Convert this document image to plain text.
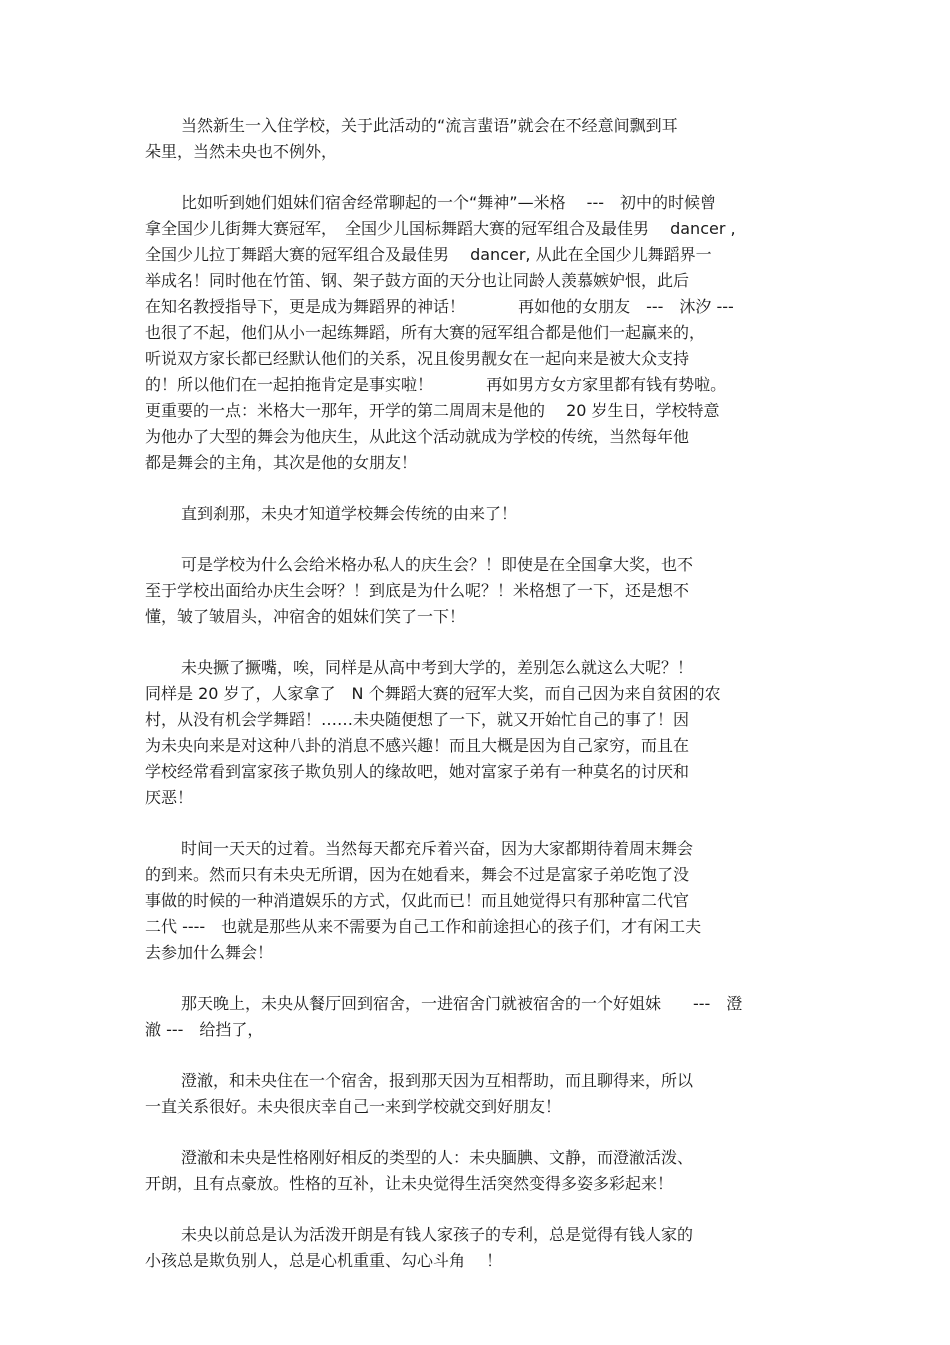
当然新生一入住学校，关于此活动的“流言蜚语”就会在不经意间飘到耳
朵里，当然未央也不例外，
比如听到她们姐妹们宿舍经常聊起的一个“舞神”—米格　 ---　初中的时候曾
拿全国少儿街舞大赛冠军，　全国少儿国标舞蹈大赛的冠军组合及最佳男　 dancer ,
全国少儿拉丁舞蹈大赛的冠军组合及最佳男　 dancer, 从此在全国少儿舞蹈界一
举成名！同时他在竹笛、钢、架子鼓方面的天分也让同龄人羡慕嫉妒恨，此后
在知名教授指导下，更是成为舞蹈界的神话！　　　 再如他的女朋友　---　沐汐 ---
也很了不起，他们从小一起练舞蹈，所有大赛的冠军组合都是他们一起赢来的，
听说双方家长都已经默认他们的关系，况且俊男靓女在一起向来是被大众支持
的！所以他们在一起拍拖肯定是事实啦！　　　 再如男方女方家里都有钱有势啦。
更重要的一点：米格大一那年，开学的第二周周末是他的　 20 岁生日，学校特意
为他办了大型的舞会为他庆生，从此这个活动就成为学校的传统，当然每年他
都是舞会的主角，其次是他的女朋友！
直到刹那，未央才知道学校舞会传统的由来了！
可是学校为什么会给米格办私人的庆生会？！即使是在全国拿大奖，也不
至于学校出面给办庆生会呀？！到底是为什么呢？！米格想了一下，还是想不
懂，皱了皱眉头，冲宿舍的姐妹们笑了一下！
未央撅了撅嘴，唉，同样是从高中考到大学的，差别怎么就这么大呢？！
同样是 20 岁了，人家拿了　N 个舞蹈大赛的冠军大奖，而自己因为来自贫困的农
村，从没有机会学舞蹈！……未央随便想了一下，就又开始忙自己的事了！因
为未央向来是对这种八卦的消息不感兴趣！而且大概是因为自己家穷，而且在
学校经常看到富家孩子欺负别人的缘故吧，她对富家子弟有一种莫名的讨厌和
厌恶！
时间一天天的过着。当然每天都充斥着兴奋，因为大家都期待着周末舞会
的到来。然而只有未央无所谓，因为在她看来，舞会不过是富家子弟吃饱了没
事做的时候的一种消遣娱乐的方式，仅此而已！而且她觉得只有那种富二代官
二代 ----　也就是那些从来不需要为自己工作和前途担心的孩子们，才有闲工夫
去参加什么舞会！
那天晚上，未央从餐厅回到宿舍，一进宿舍门就被宿舍的一个好姐妹　　---　澄
澈 ---　给挡了，
澄澈，和未央住在一个宿舍，报到那天因为互相帮助，而且聊得来，所以
一直关系很好。未央很庆幸自己一来到学校就交到好朋友！
澄澈和未央是性格刚好相反的类型的人：未央腼腆、文静，而澄澈活泼、
开朗，且有点豪放。性格的互补，让未央觉得生活突然变得多姿多彩起来！
未央以前总是认为活泼开朗是有钱人家孩子的专利，总是觉得有钱人家的
小孩总是欺负别人，总是心机重重、勾心斗角　 ！
